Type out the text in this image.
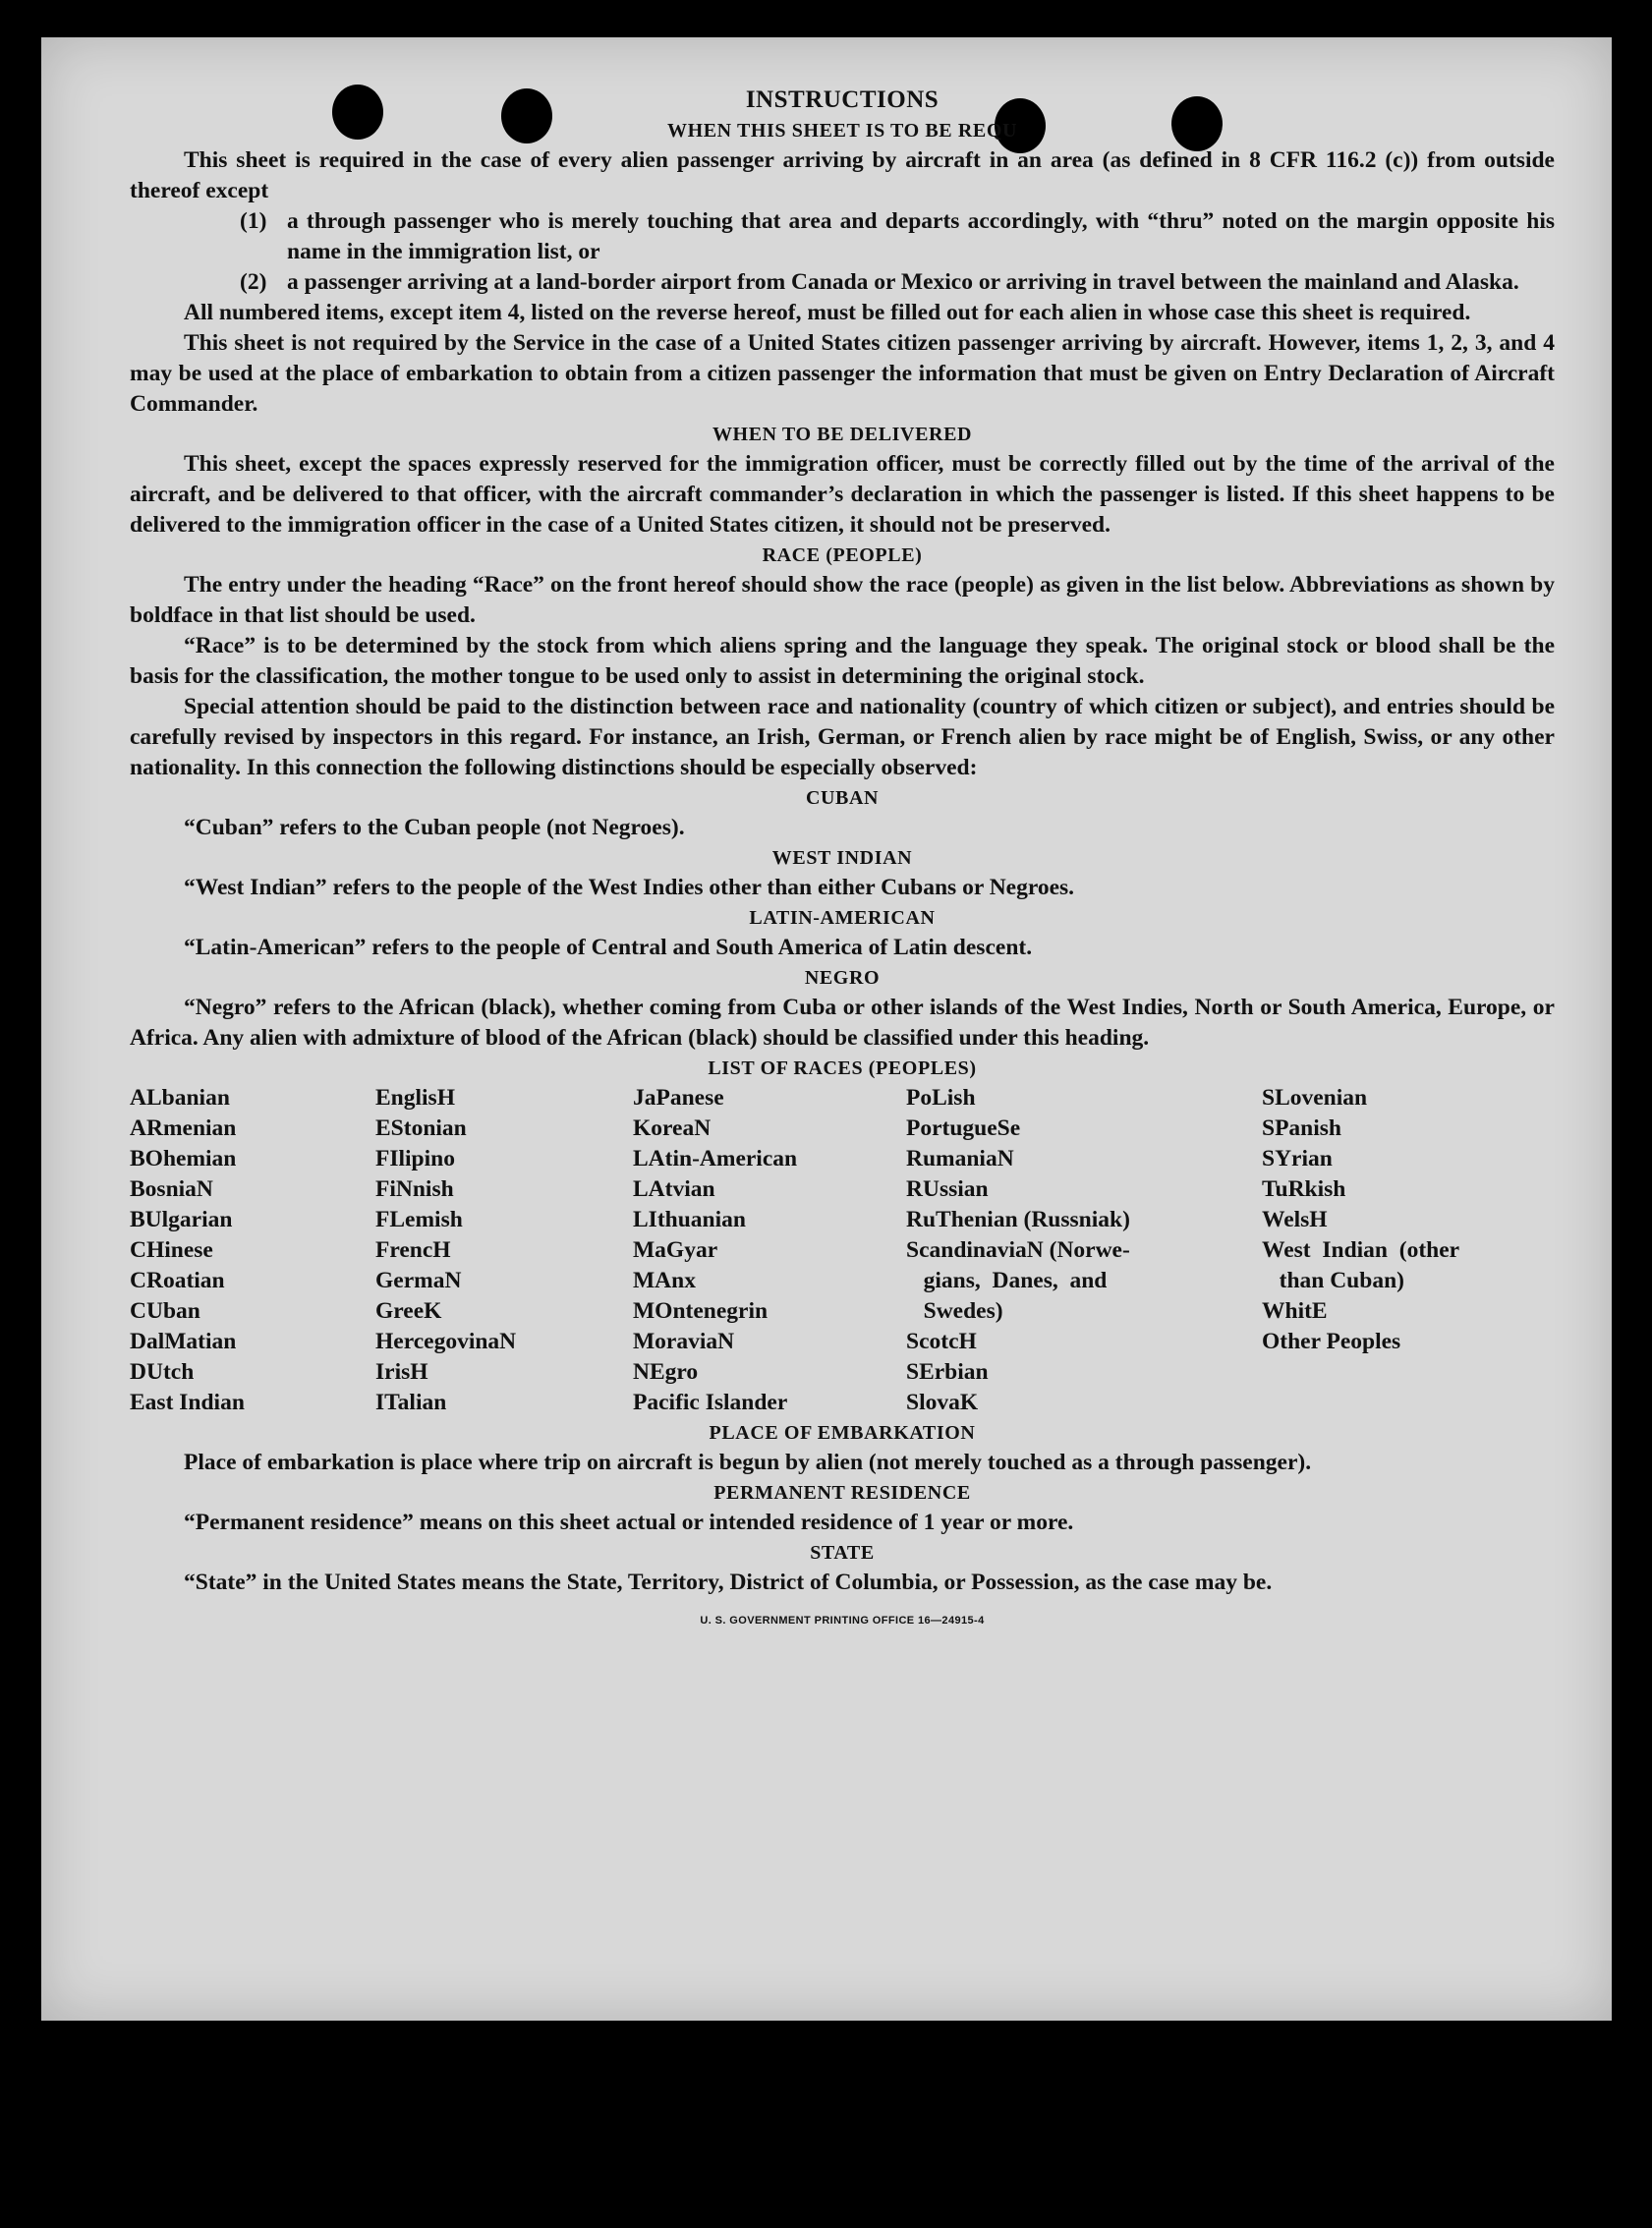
INSTRUCTIONS
WHEN THIS SHEET IS TO BE REQU

This sheet is required in the case of every alien passenger arriving by aircraft in an area (as defined in 8 CFR 116.2 (c)) from outside thereof except

(1) a through passenger who is merely touching that area and departs accordingly, with “thru” noted on the margin opposite his name in the immigration list, or
(2) a passenger arriving at a land-border airport from Canada or Mexico or arriving in travel between the mainland and Alaska.

All numbered items, except item 4, listed on the reverse hereof, must be filled out for each alien in whose case this sheet is required.

This sheet is not required by the Service in the case of a United States citizen passenger arriving by aircraft. However, items 1, 2, 3, and 4 may be used at the place of embarkation to obtain from a citizen passenger the information that must be given on Entry Declaration of Aircraft Commander.

WHEN TO BE DELIVERED

This sheet, except the spaces expressly reserved for the immigration officer, must be correctly filled out by the time of the arrival of the aircraft, and be delivered to that officer, with the aircraft commander’s declaration in which the passenger is listed. If this sheet happens to be delivered to the immigration officer in the case of a United States citizen, it should not be preserved.

RACE (PEOPLE)

The entry under the heading “Race” on the front hereof should show the race (people) as given in the list below. Abbreviations as shown by boldface in that list should be used.

“Race” is to be determined by the stock from which aliens spring and the language they speak. The original stock or blood shall be the basis for the classification, the mother tongue to be used only to assist in determining the original stock.

Special attention should be paid to the distinction between race and nationality (country of which citizen or subject), and entries should be carefully revised by inspectors in this regard. For instance, an Irish, German, or French alien by race might be of English, Swiss, or any other nationality. In this connection the following distinctions should be especially observed:

CUBAN

“Cuban” refers to the Cuban people (not Negroes).

WEST INDIAN

“West Indian” refers to the people of the West Indies other than either Cubans or Negroes.

LATIN-AMERICAN

“Latin-American” refers to the people of Central and South America of Latin descent.

NEGRO

“Negro” refers to the African (black), whether coming from Cuba or other islands of the West Indies, North or South America, Europe, or Africa. Any alien with admixture of blood of the African (black) should be classified under this heading.

LIST OF RACES (PEOPLES)
ALbanian
ARmenian
BOhemian
BosniaN
BUlgarian
CHinese
CRoatian
CUban
DalMatian
DUtch
East Indian
EnglisH
EStonian
FIlipino
FiNnish
FLemish
FrencH
GermaN
GreeK
HercegovinaN
IrisH
ITalian
JaPanese
KoreaN
LAtin-American
LAtvian
LIthuanian
MaGyar
MAnx
MOntenegrin
MoraviaN
NEgro
Pacific Islander
PoLish
PortugueSe
RumaniaN
RUssian
RuThenian (Russniak)
ScandinaviaN (Norwe-
gians,  Danes,  and
Swedes)
ScotcH
SErbian
SlovaK
SLovenian
SPanish
SYrian
TuRkish
WelsH
West  Indian  (other
than Cuban)
WhitE
Other Peoples
PLACE OF EMBARKATION

Place of embarkation is place where trip on aircraft is begun by alien (not merely touched as a through passenger).

PERMANENT RESIDENCE

“Permanent residence” means on this sheet actual or intended residence of 1 year or more.

STATE

“State” in the United States means the State, Territory, District of Columbia, or Possession, as the case may be.

U. S. GOVERNMENT PRINTING OFFICE 16—24915-4
